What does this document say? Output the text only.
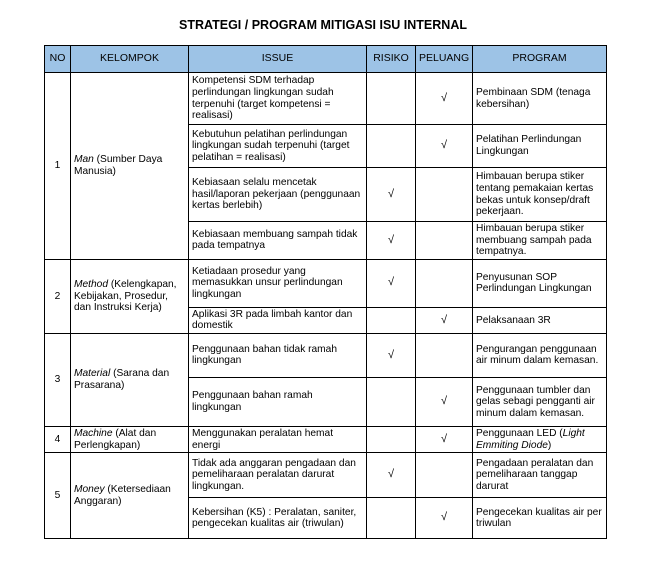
STRATEGI / PROGRAM MITIGASI ISU INTERNAL
NO	KELOMPOK	ISSUE	RISIKO	PELUANG	PROGRAM
1	Man (Sumber Daya Manusia)	Kompetensi SDM terhadap perlindungan lingkungan sudah terpenuhi (target kompetensi = realisasi)		√	Pembinaan SDM (tenaga kebersihan)
		Kebutuhun pelatihan perlindungan lingkungan sudah terpenuhi (target pelatihan = realisasi)		√	Pelatihan Perlindungan Lingkungan
		Kebiasaan selalu mencetak hasil/laporan pekerjaan (penggunaan kertas berlebih)	√		Himbauan berupa stiker tentang pemakaian kertas bekas untuk konsep/draft pekerjaan.
		Kebiasaan membuang sampah tidak pada tempatnya	√		Himbauan berupa stiker membuang sampah pada tempatnya.
2	Method (Kelengkapan, Kebijakan, Prosedur, dan Instruksi Kerja)	Ketiadaan prosedur yang memasukkan unsur perlindungan lingkungan	√		Penyusunan SOP Perlindungan Lingkungan
		Aplikasi 3R pada limbah kantor dan domestik		√	Pelaksanaan 3R
3	Material (Sarana dan Prasarana)	Penggunaan bahan tidak ramah lingkungan	√		Pengurangan penggunaan air minum dalam kemasan.
		Penggunaan bahan ramah lingkungan		√	Penggunaan tumbler dan gelas sebagi pengganti air minum dalam kemasan.
4	Machine (Alat dan Perlengkapan)	Menggunakan peralatan hemat energi		√	Penggunaan LED (Light Emmiting Diode)
5	Money (Ketersediaan Anggaran)	Tidak ada anggaran pengadaan dan pemeliharaan peralatan darurat lingkungan.	√		Pengadaan peralatan dan pemeliharaan tanggap darurat
		Kebersihan (K5) : Peralatan, saniter, pengecekan kualitas air (triwulan)		√	Pengecekan kualitas air per triwulan
